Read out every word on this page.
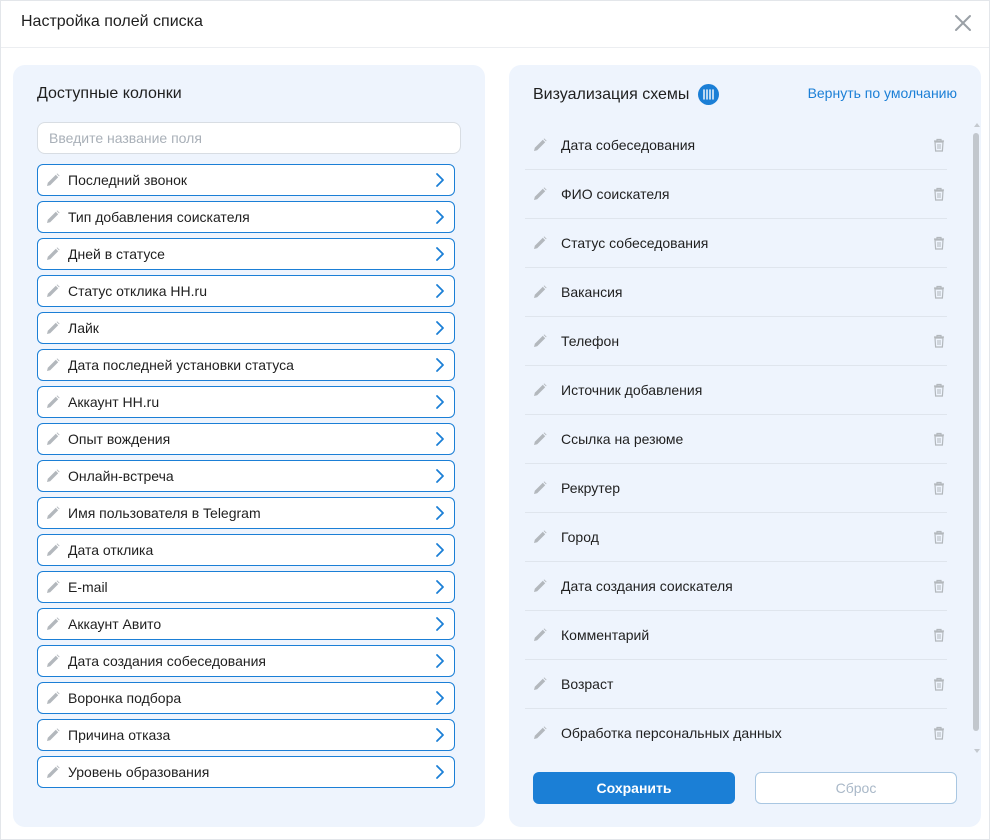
Настройка полей списка
Доступные колонки
Введите название поля
Последний звонок
Тип добавления соискателя
Дней в статусе
Статус отклика HH.ru
Лайк
Дата последней установки статуса
Аккаунт HH.ru
Опыт вождения
Онлайн-встреча
Имя пользователя в Telegram
Дата отклика
E-mail
Аккаунт Авито
Дата создания собеседования
Воронка подбора
Причина отказа
Уровень образования
Визуализация схемы	Вернуть по умолчанию
Дата собеседования
ФИО соискателя
Статус собеседования
Вакансия
Телефон
Источник добавления
Ссылка на резюме
Рекрутер
Город
Дата создания соискателя
Комментарий
Возраст
Обработка персональных данных
Сохранить	Сброс
